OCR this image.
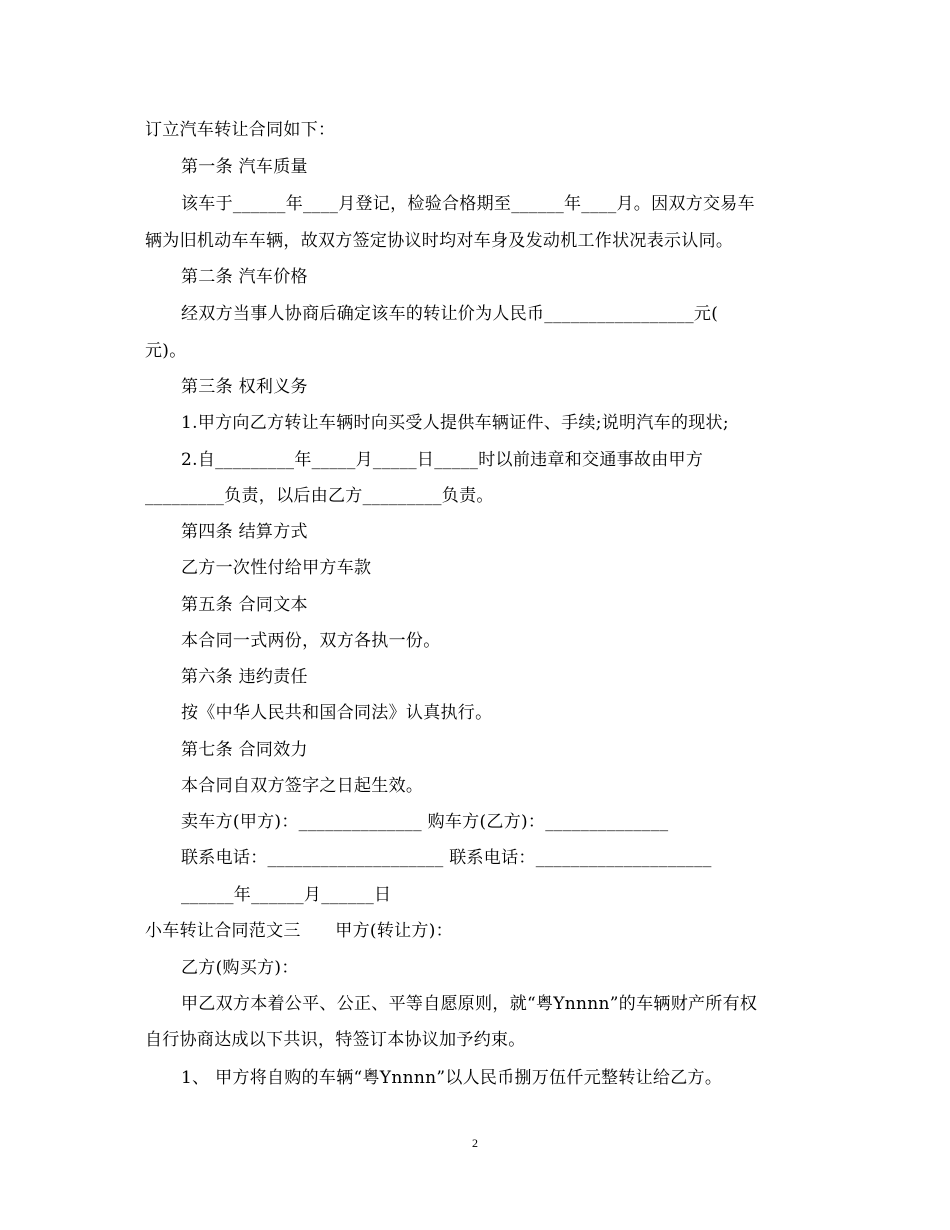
订立汽车转让合同如下：
第一条 汽车质量
该车于______年____月登记，检验合格期至______年____月。因双方交易车
辆为旧机动车车辆，故双方签定协议时均对车身及发动机工作状况表示认同。
第二条 汽车价格
经双方当事人协商后确定该车的转让价为人民币_________________元(
元)。
第三条 权利义务
1.甲方向乙方转让车辆时向买受人提供车辆证件、手续;说明汽车的现状;
2.自_________年_____月_____日_____时以前违章和交通事故由甲方
_________负责，以后由乙方_________负责。
第四条 结算方式
乙方一次性付给甲方车款
第五条 合同文本
本合同一式两份，双方各执一份。
第六条 违约责任
按《中华人民共和国合同法》认真执行。
第七条 合同效力
本合同自双方签字之日起生效。
卖车方(甲方)：______________ 购车方(乙方)：______________
联系电话：____________________ 联系电话：____________________
______年______月______日
小车转让合同范文三　　甲方(转让方)：
乙方(购买方)：
甲乙双方本着公平、公正、平等自愿原则，就“粤Ynnnn”的车辆财产所有权
自行协商达成以下共识，特签订本协议加予约束。
1、 甲方将自购的车辆“粤Ynnnn”以人民币捌万伍仟元整转让给乙方。
2
